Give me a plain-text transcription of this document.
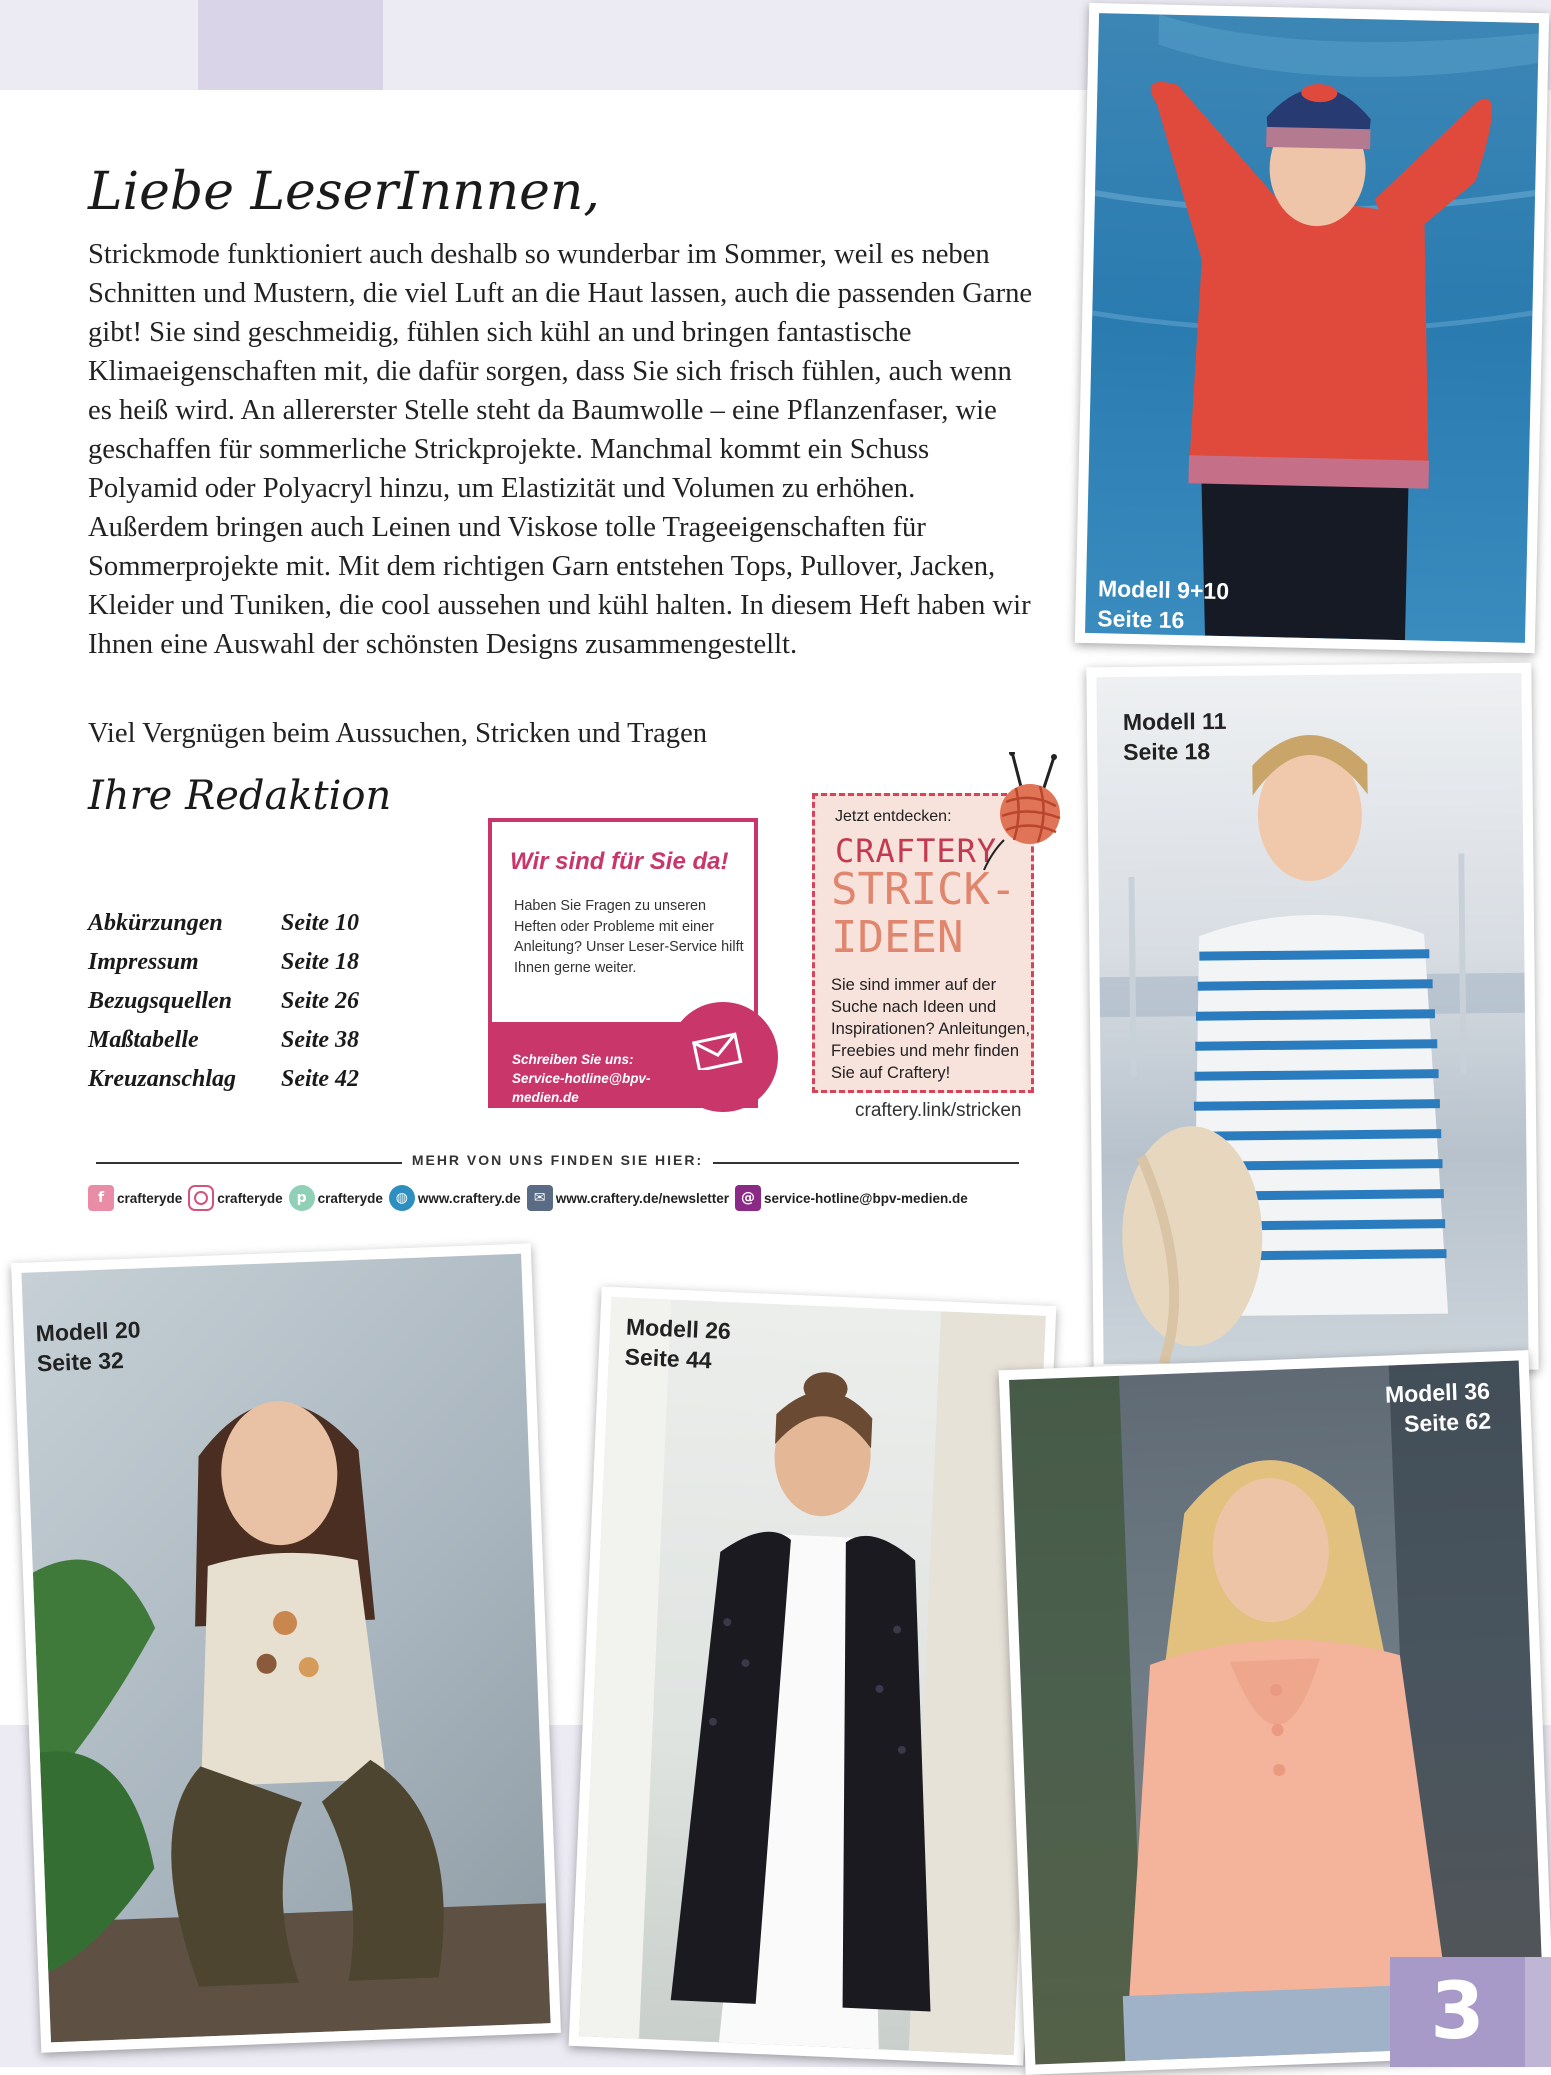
Liebe LeserInnnen,

Strickmode funktioniert auch deshalb so wunderbar im Sommer, weil es neben Schnitten und Mustern, die viel Luft an die Haut lassen, auch die passenden Garne gibt! Sie sind geschmeidig, fühlen sich kühl an und bringen fantastische Klimaeigenschaften mit, die dafür sorgen, dass Sie sich frisch fühlen, auch wenn es heiß wird. An allererster Stelle steht da Baumwolle – eine Pflanzenfaser, wie geschaffen für sommerliche Strickprojekte. Manchmal kommt ein Schuss Polyamid oder Polyacryl hinzu, um Elastizität und Volumen zu erhöhen. Außerdem bringen auch Leinen und Viskose tolle Trageeigenschaften für Sommerprojekte mit. Mit dem richtigen Garn entstehen Tops, Pullover, Jacken, Kleider und Tuniken, die cool aussehen und kühl halten. In diesem Heft haben wir Ihnen eine Auswahl der schönsten Designs zusammengestellt.

Viel Vergnügen beim Aussuchen, Stricken und Tragen

Ihre Redaktion

Abkürzungen	Seite 10
Impressum	Seite 18
Bezugsquellen	Seite 26
Maßtabelle	Seite 38
Kreuzanschlag	Seite 42
Wir sind für Sie da!
Haben Sie Fragen zu unseren Heften oder Probleme mit einer Anleitung? Unser Leser-Service hilft Ihnen gerne weiter.
Schreiben Sie uns: Service-hotline@bpv-medien.de
Jetzt entdecken:
CRAFTERY
STRICK-IDEEN
Sie sind immer auf der Suche nach Ideen und Inspirationen? Anleitungen, Freebies und mehr finden Sie auf Craftery!
craftery.link/stricken
MEHR VON UNS FINDEN SIE HIER:
f crafteryde	crafteryde p crafteryde ◍ www.craftery.de ✉ www.craftery.de/newsletter @ service-hotline@bpv-medien.de
Modell 9+10
Seite 16
Modell 11
Seite 18
Modell 20
Seite 32
Modell 26
Seite 44
Modell 36
Seite 62
3
